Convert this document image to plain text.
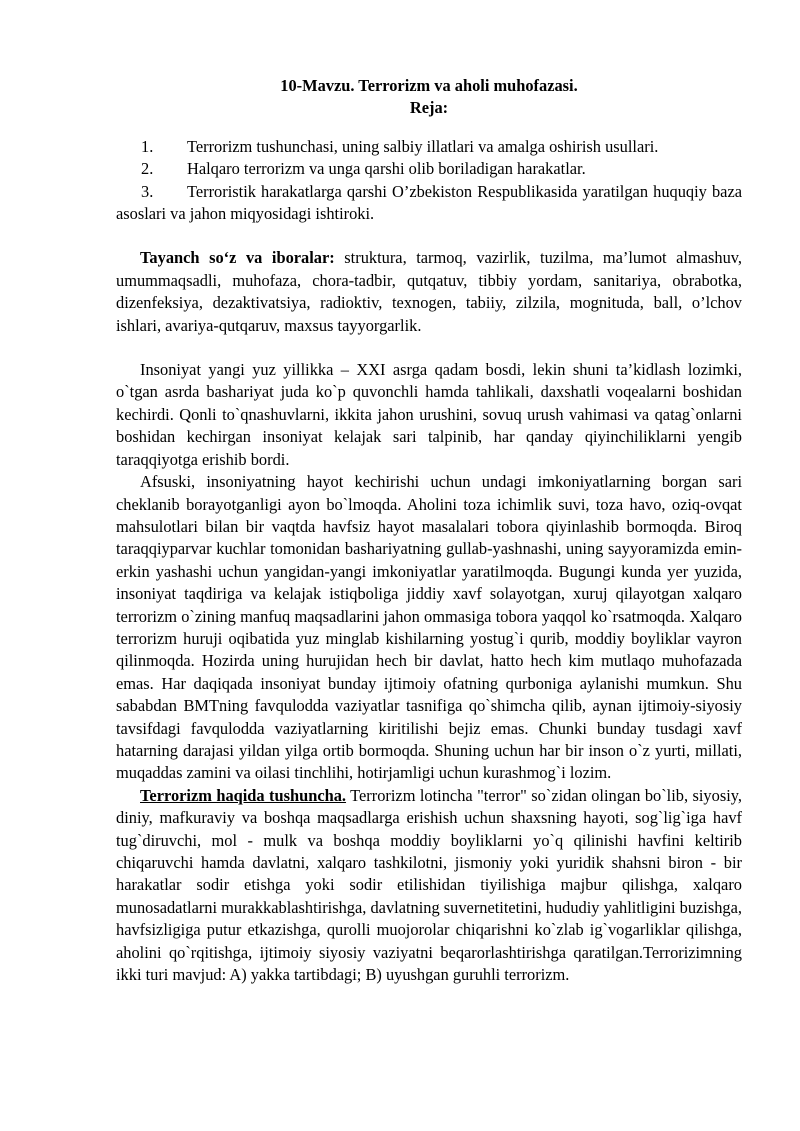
10-Mavzu. Terrorizm va aholi muhofazasi.
Reja:
1. Terrorizm tushunchasi, uning salbiy illatlari va amalga oshirish usullari.
2. Halqaro terrorizm va unga qarshi olib boriladigan harakatlar.
3. Terroristik harakatlarga qarshi O’zbekiston Respublikasida yaratilgan huquqiy baza asoslari va jahon miqyosidagi ishtiroki.

Tayanch so‘z va iboralar: struktura, tarmoq, vazirlik, tuzilma, ma’lumot almashuv, umummaqsadli, muhofaza, chora-tadbir, qutqatuv, tibbiy yordam, sanitariya, obrabotka, dizenfeksiya, dezaktivatsiya, radioktiv, texnogen, tabiiy, zilzila, mognituda, ball, o’lchov ishlari, avariya-qutqaruv, maxsus tayyorgarlik.

Insoniyat yangi yuz yillikka – XXI asrga qadam bosdi, lekin shuni ta’kidlash lozimki, o`tgan asrda bashariyat juda ko`p quvonchli hamda tahlikali, daxshatli voqealarni boshidan kechirdi. Qonli to`qnashuvlarni, ikkita jahon urushini, sovuq urush vahimasi va qatag`onlarni boshidan kechirgan insoniyat kelajak sari talpinib, har qanday qiyinchiliklarni yengib taraqqiyotga erishib bordi.

Afsuski, insoniyatning hayot kechirishi uchun undagi imkoniyatlarning borgan sari cheklanib borayotganligi ayon bo`lmoqda. Aholini toza ichimlik suvi, toza havo, oziq-ovqat mahsulotlari bilan bir vaqtda havfsiz hayot masalalari tobora qiyinlashib bormoqda. Biroq taraqqiyparvar kuchlar tomonidan bashariyatning gullab-yashnashi, uning sayyoramizda emin-erkin yashashi uchun yangidan-yangi imkoniyatlar yaratilmoqda. Bugungi kunda yer yuzida, insoniyat taqdiriga va kelajak istiqboliga jiddiy xavf solayotgan, xuruj qilayotgan xalqaro terrorizm o`zining manfuq maqsadlarini jahon ommasiga tobora yaqqol ko`rsatmoqda. Xalqaro terrorizm huruji oqibatida yuz minglab kishilarning yostug`i qurib, moddiy boyliklar vayron qilinmoqda. Hozirda uning hurujidan hech bir davlat, hatto hech kim mutlaqo muhofazada emas. Har daqiqada insoniyat bunday ijtimoiy ofatning qurboniga aylanishi mumkun. Shu sababdan BMTning favqulodda vaziyatlar tasnifiga qo`shimcha qilib, aynan ijtimoiy-siyosiy tavsifdagi favqulodda vaziyatlarning kiritilishi bejiz emas. Chunki bunday tusdagi xavf hatarning darajasi yildan yilga ortib bormoqda. Shuning uchun har bir inson o`z yurti, millati, muqaddas zamini va oilasi tinchlihi, hotirjamligi uchun kurashmog`i lozim.

Terrorizm haqida tushuncha. Terrorizm lotincha "terror" so`zidan olingan bo`lib, siyosiy, diniy, mafkuraviy va boshqa maqsadlarga erishish uchun shaxsning hayoti, sog`lig`iga havf tug`diruvchi, mol - mulk va boshqa moddiy boyliklarni yo`q qilinishi havfini keltirib chiqaruvchi hamda davlatni, xalqaro tashkilotni, jismoniy yoki yuridik shahsni biron - bir harakatlar sodir etishga yoki sodir etilishidan tiyilishiga majbur qilishga, xalqaro munosadatlarni murakkablashtirishga, davlatning suvernetitetini, hududiy yahlitligini buzishga, havfsizligiga putur etkazishga, qurolli muojorolar chiqarishni ko`zlab ig`vogarliklar qilishga, aholini qo`rqitishga, ijtimoiy siyosiy vaziyatni beqarorlashtirishga qaratilgan.Terrorizimning ikki turi mavjud: A) yakka tartibdagi; B) uyushgan guruhli terrorizm.
